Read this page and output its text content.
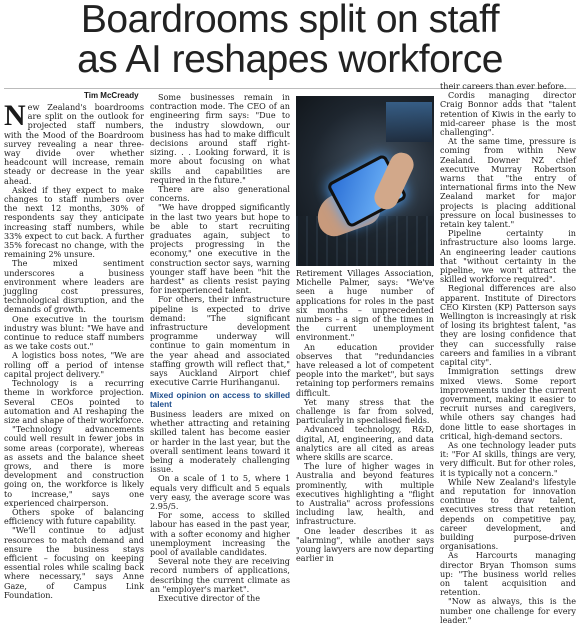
Boardrooms split on staff
as AI reshapes workforce
Tim McCready

New Zealand's boardrooms are split on the outlook for projected staff numbers, with the Mood of the Boardroom survey revealing a near three-way divide over whether headcount will increase, remain steady or decrease in the year ahead.

Asked if they expect to make changes to staff numbers over the next 12 months, 30% of respondents say they anticipate increasing staff numbers, while 33% expect to cut back. A further 35% forecast no change, with the remaining 2% unsure.

The mixed sentiment underscores a business environment where leaders are juggling cost pressures, technological disruption, and the demands of growth.

One executive in the tourism industry was blunt: "We have and continue to reduce staff numbers as we take costs out."

A logistics boss notes, "We are rolling off a period of intense capital project delivery."

Technology is a recurring theme in workforce projection. Several CEOs pointed to automation and AI reshaping the size and shape of their workforce.

"Technology advancements could well result in fewer jobs in some areas (corporate), whereas as assets and the balance sheet grows, and there is more development and construction going on, the workforce is likely to increase," says one experienced chairperson.

Others spoke of balancing efficiency with future capability.

"We'll continue to adjust resources to match demand and ensure the business stays efficient – focusing on keeping essential roles while scaling back where necessary," says Anne Gaze, of Campus Link Foundation.

Some businesses remain in contraction mode. The CEO of an engineering firm says: "Due to the industry slowdown, our business has had to make difficult decisions around staff right-sizing. . . Looking forward, it is more about focusing on what skills and capabilities are required in the future."

There are also generational concerns.

"We have dropped significantly in the last two years but hope to be able to start recruiting graduates again, subject to projects progressing in the economy," one executive in the construction sector says, warning younger staff have been "hit the hardest" as clients resist paying for inexperienced talent.

For others, their infrastructure pipeline is expected to drive demand: "The significant infrastructure development programme underway will continue to gain momentum in the year ahead and associated staffing growth will reflect that," says Auckland Airport chief executive Carrie Hurihanganui.

Mixed opinion on access to skilled talent

Business leaders are mixed on whether attracting and retaining skilled talent has become easier or harder in the last year, but the overall sentiment leans toward it being a moderately challenging issue.

On a scale of 1 to 5, where 1 equals very difficult and 5 equals very easy, the average score was 2.95/5.

For some, access to skilled labour has eased in the past year, with a softer economy and higher unemployment increasing the pool of available candidates.

Several note they are receiving record numbers of applications, describing the current climate as an "employer's market".

Executive director of the

Retirement Villages Association, Michelle Palmer, says: "We've seen a huge number of applications for roles in the past six months – unprecedented numbers – a sign of the times in the current unemployment environment."

An education provider observes that "redundancies have released a lot of competent people into the market", but says retaining top performers remains difficult.

Yet many stress that the challenge is far from solved, particularly in specialised fields.

Advanced technology, R&D, digital, AI, engineering, and data analytics are all cited as areas where skills are scarce.

The lure of higher wages in Australia and beyond features prominently, with multiple executives highlighting a "flight to Australia" across professions including law, health, and infrastructure.

One leader describes it as "alarming", while another says young lawyers are now departing earlier in

their careers than ever before.

Cordis managing director Craig Bonnor adds that "talent retention of Kiwis in the early to mid-career phase is the most challenging".

At the same time, pressure is coming from within New Zealand. Downer NZ chief executive Murray Robertson warns that "the entry of international firms into the New Zealand market for major projects is placing additional pressure on local businesses to retain key talent."

Pipeline certainty in infrastructure also looms large. An engineering leader cautions that "without certainty in the pipeline, we won't attract the skilled workforce required".

Regional differences are also apparent. Institute of Directors CEO Kirsten (KP) Patterson says Wellington is increasingly at risk of losing its brightest talent, "as they are losing confidence that they can successfully raise careers and families in a vibrant capital city".

Immigration settings drew mixed views. Some report improvements under the current government, making it easier to recruit nurses and caregivers, while others say changes had done little to ease shortages in critical, high-demand sectors.

As one technology leader puts it: "For AI skills, things are very, very difficult. But for other roles, it is typically not a concern."

While New Zealand's lifestyle and reputation for innovation continue to draw talent, executives stress that retention depends on competitive pay, career development, and building purpose-driven organisations.

As Harcourts managing director Bryan Thomson sums up: "The business world relies on talent acquisition and retention.

"Now as always, this is the number one challenge for every leader."
